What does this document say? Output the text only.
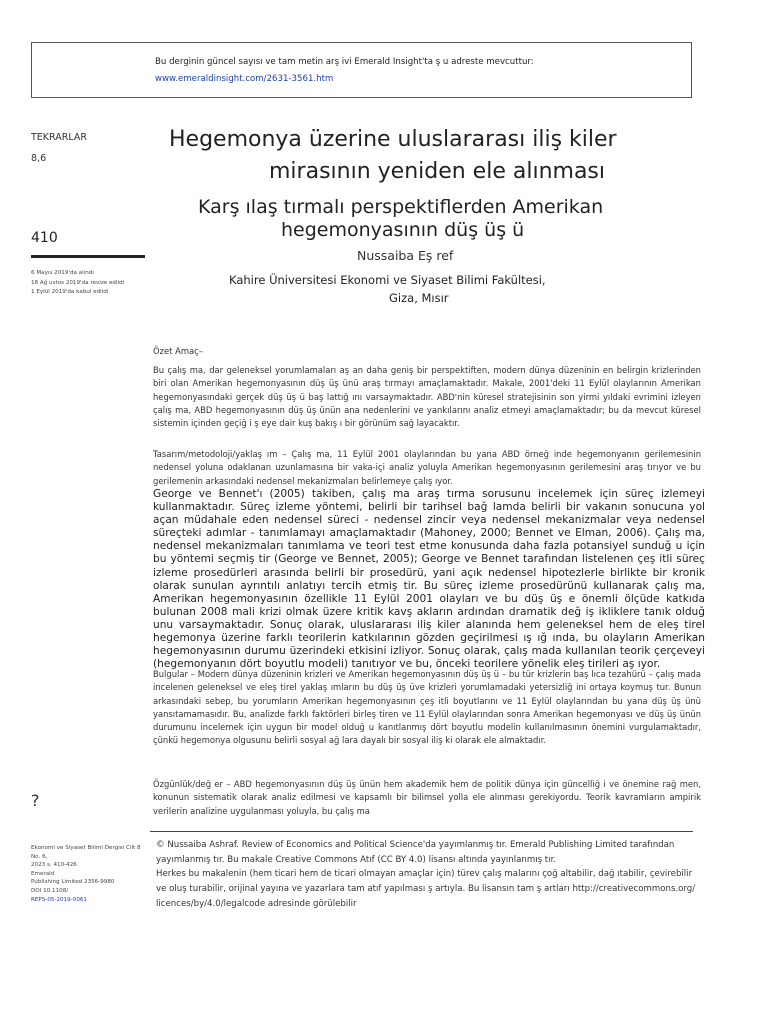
Bu derginin güncel sayısı ve tam metin arş ivi Emerald Insight'ta ş u adreste mevcuttur:
www.emeraldinsight.com/2631-3561.htm
TEKRARLAR
8,6
410
6 Mayıs 2019'da alındı
18 Ağ ustos 2019'da revize edildi
1 Eylül 2019'da kabul edildi
?
Ekonomi ve Siyaset Bilimi Dergisi Cilt 8
No. 6,
2023 s. 410-426
Emerald
Publishing Limited 2356-9980
DOI 10.1108/
REPS-05-2019-0061
Hegemonya üzerine uluslararası iliş kiler
mirasının yeniden ele alınması
Karş ılaş tırmalı perspektiflerden Amerikan
hegemonyasının düş üş ü
Nussaiba Eş ref
Kahire Üniversitesi Ekonomi ve Siyaset Bilimi Fakültesi,
Giza, Mısır
Özet Amaç–

Bu çalış ma, dar geleneksel yorumlamaları aş an daha geniş bir perspektiften, modern dünya düzeninin en belirgin krizlerinden biri olan Amerikan hegemonyasının düş üş ünü araş tırmayı amaçlamaktadır. Makale, 2001'deki 11 Eylül olaylarının Amerikan hegemonyasındaki gerçek düş üş ü baş lattığ ını varsaymaktadır. ABD'nin küresel stratejisinin son yirmi yıldaki evrimini izleyen çalış ma, ABD hegemonyasının düş üş ünün ana nedenlerini ve yankılarını analiz etmeyi amaçlamaktadır; bu da mevcut küresel sistemin içinden geçiğ i ş eye dair kuş bakış ı bir görünüm sağ layacaktır.

Tasarım/metodoloji/yaklaş ım – Çalış ma, 11 Eylül 2001 olaylarından bu yana ABD örneğ inde hegemonyanın gerilemesinin nedensel yoluna odaklanan uzunlamasına bir vaka-içi analiz yoluyla Amerikan hegemonyasının gerilemesini araş tırıyor ve bu gerilemenin arkasındaki nedensel mekanizmaları belirlemeye çalış ıyor.

George ve Bennet'ı (2005) takiben, çalış ma araş tırma sorusunu incelemek için süreç izlemeyi kullanmaktadır. Süreç izleme yöntemi, belirli bir tarihsel bağ lamda belirli bir vakanın sonucuna yol açan müdahale eden nedensel süreci - nedensel zincir veya nedensel mekanizmalar veya nedensel süreçteki adımlar - tanımlamayı amaçlamaktadır (Mahoney, 2000; Bennet ve Elman, 2006). Çalış ma, nedensel mekanizmaları tanımlama ve teori test etme konusunda daha fazla potansiyel sunduğ u için bu yöntemi seçmiş tir (George ve Bennet, 2005); George ve Bennet tarafından listelenen çeş itli süreç izleme prosedürleri arasında belirli bir prosedürü, yani açık nedensel hipotezlerle birlikte bir kronik olarak sunulan ayrıntılı anlatıyı tercih etmiş tir. Bu süreç izleme prosedürünü kullanarak çalış ma, Amerikan hegemonyasının özellikle 11 Eylül 2001 olayları ve bu düş üş e önemli ölçüde katkıda bulunan 2008 mali krizi olmak üzere kritik kavş akların ardından dramatik değ iş ikliklere tanık olduğ unu varsaymaktadır. Sonuç olarak, uluslararası iliş kiler alanında hem geleneksel hem de eleş tirel hegemonya üzerine farklı teorilerin katkılarının gözden geçirilmesi ış ığ ında, bu olayların Amerikan hegemonyasının durumu üzerindeki etkisini izliyor. Sonuç olarak, çalış mada kullanılan teorik çerçeveyi (hegemonyanın dört boyutlu modeli) tanıtıyor ve bu, önceki teorilere yönelik eleş tirileri aş ıyor.

Bulgular – Modern dünya düzeninin krizleri ve Amerikan hegemonyasının düş üş ü – bu tür krizlerin baş lıca tezahürü – çalış mada incelenen geleneksel ve eleş tirel yaklaş ımların bu düş üş üve krizleri yorumlamadaki yetersizliğ ini ortaya koymuş tur. Bunun arkasındaki sebep, bu yorumların Amerikan hegemonyasının çeş itli boyutlarını ve 11 Eylül olaylarından bu yana düş üş ünü yansıtamamasıdır. Bu, analizde farklı faktörleri birleş tiren ve 11 Eylül olaylarından sonra Amerikan hegemonyası ve düş üş ünün durumunu incelemek için uygun bir model olduğ u kanıtlanmış dört boyutlu modelin kullanılmasının önemini vurgulamaktadır, çünkü hegemonya olgusunu belirli sosyal ağ lara dayalı bir sosyal iliş ki olarak ele almaktadır.

Özgünlük/değ er – ABD hegemonyasının düş üş ünün hem akademik hem de politik dünya için güncelliğ i ve önemine rağ men, konunun sistematik olarak analiz edilmesi ve kapsamlı bir bilimsel yolla ele alınması gerekiyordu. Teorik kavramların ampirik verilerin analizine uygulanması yoluyla, bu çalış ma

© Nussaiba Ashraf. Review of Economics and Political Science'da yayımlanmış tır. Emerald Publishing Limited tarafından yayımlanmış tır. Bu makale Creative Commons Atıf (CC BY 4.0) lisansı altında yayınlanmış tır.

Herkes bu makalenin (hem ticari hem de ticari olmayan amaçlar için) türev çalış malarını çoğ altabilir, dağ ıtabilir, çevirebilir ve oluş turabilir, orijinal yayına ve yazarlara tam atıf yapılması ş artıyla. Bu lisansın tam ş artları http://creativecommons.org/ licences/by/4.0/legalcode adresinde görülebilir
